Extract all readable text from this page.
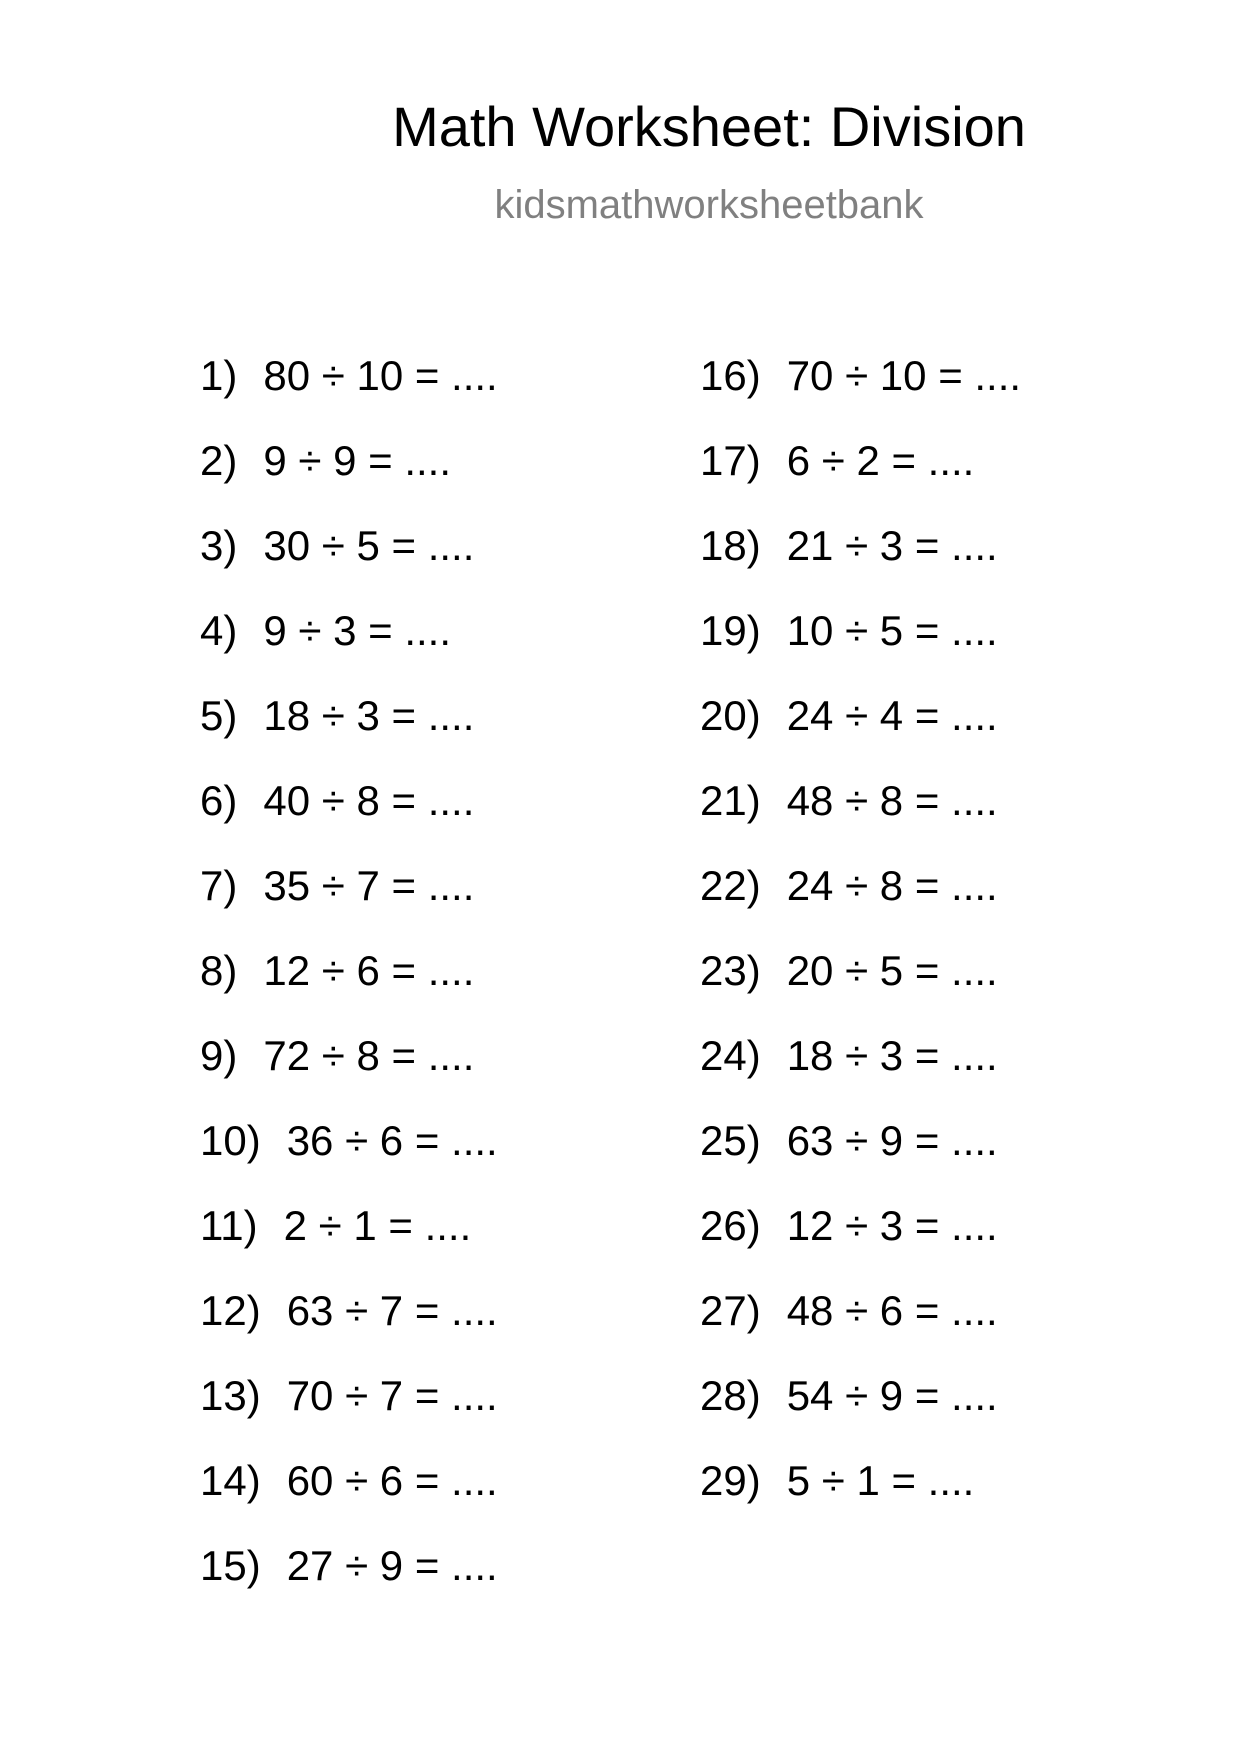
Math Worksheet: Division
kidsmathworksheetbank
1) 80 ÷ 10 = ....
2) 9 ÷ 9 = ....
3) 30 ÷ 5 = ....
4) 9 ÷ 3 = ....
5) 18 ÷ 3 = ....
6) 40 ÷ 8 = ....
7) 35 ÷ 7 = ....
8) 12 ÷ 6 = ....
9) 72 ÷ 8 = ....
10) 36 ÷ 6 = ....
11) 2 ÷ 1 = ....
12) 63 ÷ 7 = ....
13) 70 ÷ 7 = ....
14) 60 ÷ 6 = ....
15) 27 ÷ 9 = ....
16) 70 ÷ 10 = ....
17) 6 ÷ 2 = ....
18) 21 ÷ 3 = ....
19) 10 ÷ 5 = ....
20) 24 ÷ 4 = ....
21) 48 ÷ 8 = ....
22) 24 ÷ 8 = ....
23) 20 ÷ 5 = ....
24) 18 ÷ 3 = ....
25) 63 ÷ 9 = ....
26) 12 ÷ 3 = ....
27) 48 ÷ 6 = ....
28) 54 ÷ 9 = ....
29) 5 ÷ 1 = ....
